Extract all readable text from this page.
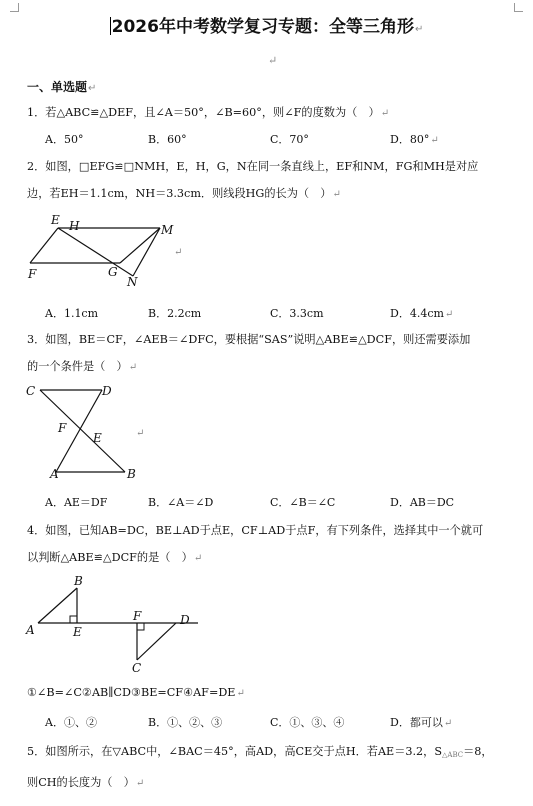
2026年中考数学复习专题：全等三角形↵
↵
一、单选题↵
1．若△ABC≌△DEF，且∠A＝50°，∠B=60°，则∠F的度数为（　）↵
A．50°	B．60°	C．70°	D．80°↵
2．如图，□EFG≌□NMH，E，H，G，N在同一条直线上，EF和NM，FG和MH是对应
边，若EH＝1.1cm，NH＝3.3cm．则线段HG的长为（　）↵
E H	M
F	G
N
↵
A．1.1cm	B．2.2cm	C．3.3cm	D．4.4cm↵
3．如图，BE＝CF，∠AEB＝∠DFC，要根据“SAS”说明△ABE≌△DCF，则还需要添加
的一个条件是（　）↵
C	D
F
E
A	B
↵
A．AE＝DF	B．∠A＝∠D	C．∠B＝∠C	D．AB＝DC
4．如图，已知AB=DC，BE⊥AD于点E，CF⊥AD于点F，有下列条件，选择其中一个就可
以判断△ABE≌△DCF的是（　）↵
B
A	E
F	D
C
①∠B=∠C②AB∥CD③BE=CF④AF=DE↵
A．①、②	B．①、②、③	C．①、③、④	D．都可以↵
5．如图所示，在▽ABC中，∠BAC＝45°，高AD，高CE交于点H．若AE＝3.2，$S_{\triangle ABC}=8$，
则CH的长度为（　）↵
